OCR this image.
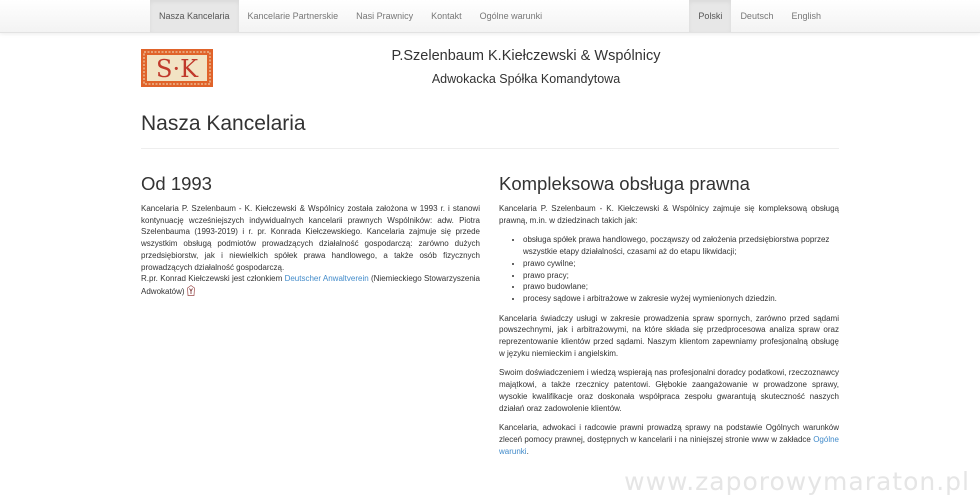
Nasza Kancelaria	Kancelarie Partnerskie	Nasi Prawnicy	Kontakt	Ogólne warunki	Polski	Deutsch	English
S·K	P.Szelenbaum K.Kiełczewski & Wspólnicy
Adwokacka Spółka Komandytowa
Nasza Kancelaria
Od 1993

Kancelaria P. Szelenbaum - K. Kiełczewski & Wspólnicy została założona w 1993 r. i stanowi kontynuację wcześniejszych indywidualnych kancelarii prawnych Wspólników: adw. Piotra Szelenbauma (1993-2019) i r. pr. Konrada Kiełczewskiego. Kancelaria zajmuje się przede wszystkim obsługą podmiotów prowadzących działalność gospodarczą: zarówno dużych przedsiębiorstw, jak i niewielkich spółek prawa handlowego, a także osób fizycznych prowadzących działalność gospodarczą.

R.pr. Konrad Kiełczewski jest członkiem Deutscher Anwaltverein (Niemieckiego Stowarzyszenia Adwokatów)

Kompleksowa obsługa prawna

Kancelaria P. Szelenbaum - K. Kiełczewski & Wspólnicy zajmuje się kompleksową obsługą prawną, m.in. w dziedzinach takich jak:

• obsługa spółek prawa handlowego, począwszy od założenia przedsiębiorstwa poprzez wszystkie etapy działalności, czasami aż do etapu likwidacji;
• prawo cywilne;
• prawo pracy;
• prawo budowlane;
• procesy sądowe i arbitrażowe w zakresie wyżej wymienionych dziedzin.

Kancelaria świadczy usługi w zakresie prowadzenia spraw spornych, zarówno przed sądami powszechnymi, jak i arbitrażowymi, na które składa się przedprocesowa analiza spraw oraz reprezentowanie klientów przed sądami. Naszym klientom zapewniamy profesjonalną obsługę w języku niemieckim i angielskim.

Swoim doświadczeniem i wiedzą wspierają nas profesjonalni doradcy podatkowi, rzeczoznawcy majątkowi, a także rzecznicy patentowi. Głębokie zaangażowanie w prowadzone sprawy, wysokie kwalifikacje oraz doskonała współpraca zespołu gwarantują skuteczność naszych działań oraz zadowolenie klientów.

Kancelaria, adwokaci i radcowie prawni prowadzą sprawy na podstawie Ogólnych warunków zleceń pomocy prawnej, dostępnych w kancelarii i na niniejszej stronie www w zakładce Ogólne warunki.

www.zaporowymaraton.pl
